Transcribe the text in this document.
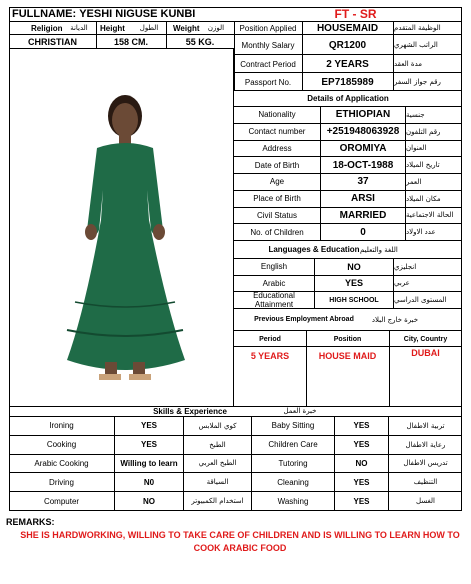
FULLNAME:
YESHI NIGUSE KUNBI	FT - SR
Religion	الديانة	Height	الطول	Weight	الوزن
CHRISTIAN	158 CM.	55 KG.
Position Applied	HOUSEMAID	الوظيفة المتقدم
Monthly Salary	QR1200	الراتب الشهري
Contract Period	2 YEARS	مدة العقد
Passport No.	EP7185989	رقم جواز السفر
Details of Application
Nationality	ETHIOPIAN	جنسية
Contact number	+251948063928 رقم التلفون
Address	OROMIYA	العنوان
Date of Birth	18-OCT-1988	تاريخ الميلاد
Age	37	العمر
Place of Birth	ARSI	مكان الميلاد
Civil Status	MARRIED	الحالة الاجتماعية
No. of Children	0	عدد الاولاد
Languages & Education اللغة والتعليم
English	NO	انجليزي
Arabic	YES	عربي
Educational Attainment	HIGH SCHOOL	المستوى الدراسي
Previous Employment Abroad	خبرة خارج البلاد
Period	Position	City, Country
5 YEARS	HOUSE MAID	DUBAI
Skills & Experience	خبرة العمل
Ironing	YES	كوي الملابس	Baby Sitting	YES	تربية الاطفال
Cooking	YES	الطبخ	Children Care	YES	رعاية الاطفال
Arabic Cooking	Willing to learn	الطبخ العربي	Tutoring	NO	تدريس الاطفال
Driving	N0	السياقة	Cleaning	YES	التنظيف
Computer	NO	استخدام الكمبيوتر	Washing	YES	الغسل
REMARKS:
SHE IS HARDWORKING, WILLING TO TAKE CARE OF CHILDREN AND IS WILLING TO LEARN HOW TO COOK ARABIC FOOD
